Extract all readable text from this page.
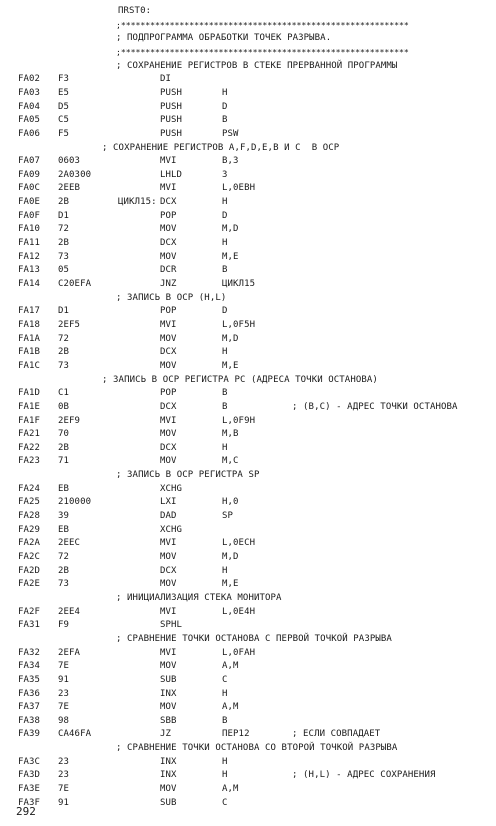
ПRST0:
;***********************************************************
; ПОДПРОГРАММА ОБРАБОТКИ ТОЧЕК РАЗРЫВА.
;***********************************************************
; СОХРАНЕНИЕ РЕГИСТРОВ В СТЕКЕ ПРЕРВАННОЙ ПРОГРАММЫ
FA02 F3	DI
FA03 E5	PUSH	H
FA04 D5	PUSH	D
FA05 C5	PUSH	B
FA06 F5	PUSH	PSW
; СОХРАНЕНИЕ РЕГИСТРОВ A,F,D,E,B И C  В ОСР
FA07 0603	MVI	B,3
FA09 2A0300	LHLD	3
FA0C 2EEB	MVI	L,0EBH
FA0E 2B	ЦИКЛ15: DCX	H
FA0F D1	POP	D
FA10 72	MOV	M,D
FA11 2B	DCX	H
FA12 73	MOV	M,E
FA13 05	DCR	B
FA14 C20EFA	JNZ	ЦИКЛ15
; ЗАПИСЬ В ОСР (H,L)
FA17 D1	POP	D
FA18 2EF5	MVI	L,0F5H
FA1A 72	MOV	M,D
FA1B 2B	DCX	H
FA1C 73	MOV	M,E
; ЗАПИСЬ В ОСР РЕГИСТРА PC (АДРЕСА ТОЧКИ ОСТАНОВА)
FA1D C1	POP	B
FA1E 0B	DCX	B	; (B,C) - АДРЕС ТОЧКИ ОСТАНОВА
FA1F 2EF9	MVI	L,0F9H
FA21 70	MOV	M,B
FA22 2B	DCX	H
FA23 71	MOV	M,C
; ЗАПИСЬ В ОСР РЕГИСТРА SP
FA24 EB	XCHG
FA25 210000	LXI	H,0
FA28 39	DAD	SP
FA29 EB	XCHG
FA2A 2EEC	MVI	L,0ECH
FA2C 72	MOV	M,D
FA2D 2B	DCX	H
FA2E 73	MOV	M,E
; ИНИЦИАЛИЗАЦИЯ СТЕКА МОНИТОРА
FA2F 2EE4	MVI	L,0E4H
FA31 F9	SPHL
; СРАВНЕНИЕ ТОЧКИ ОСТАНОВА С ПЕРВОЙ ТОЧКОЙ РАЗРЫВА
FA32 2EFA	MVI	L,0FAH
FA34 7E	MOV	A,M
FA35 91	SUB	C
FA36 23	INX	H
FA37 7E	MOV	A,M
FA38 98	SBB	B
FA39 CA46FA	JZ	ПЕР12	; ЕСЛИ СОВПАДАЕТ
; СРАВНЕНИЕ ТОЧКИ ОСТАНОВА СО ВТОРОЙ ТОЧКОЙ РАЗРЫВА
FA3C 23	INX	H
FA3D 23	INX	H	; (H,L) - АДРЕС СОХРАНЕНИЯ
FA3E 7E	MOV	A,M
FA3F 91	SUB	C
292
